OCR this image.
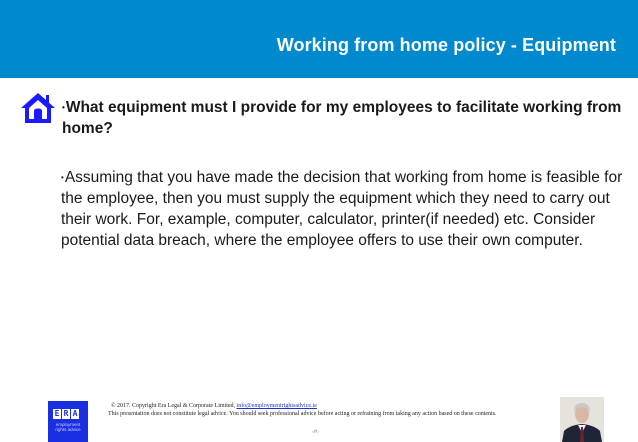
Working from home policy - Equipment
•What equipment must I provide for my employees to facilitate working from home?
•Assuming that you have made the decision that working from home is feasible for the employee, then you must supply the equipment which they need to carry out their work. For, example, computer, calculator, printer(if needed) etc. Consider potential data breach, where the employee offers to use their own computer.
E R A
employment rights advice
© 2017. Copyright Era Legal & Corporate Limited, info@employmentrightsadvice.ie
This presentation does not constitute legal advice. You should seek professional advice before acting or refraining from taking any action based on these contents.
‹#›
